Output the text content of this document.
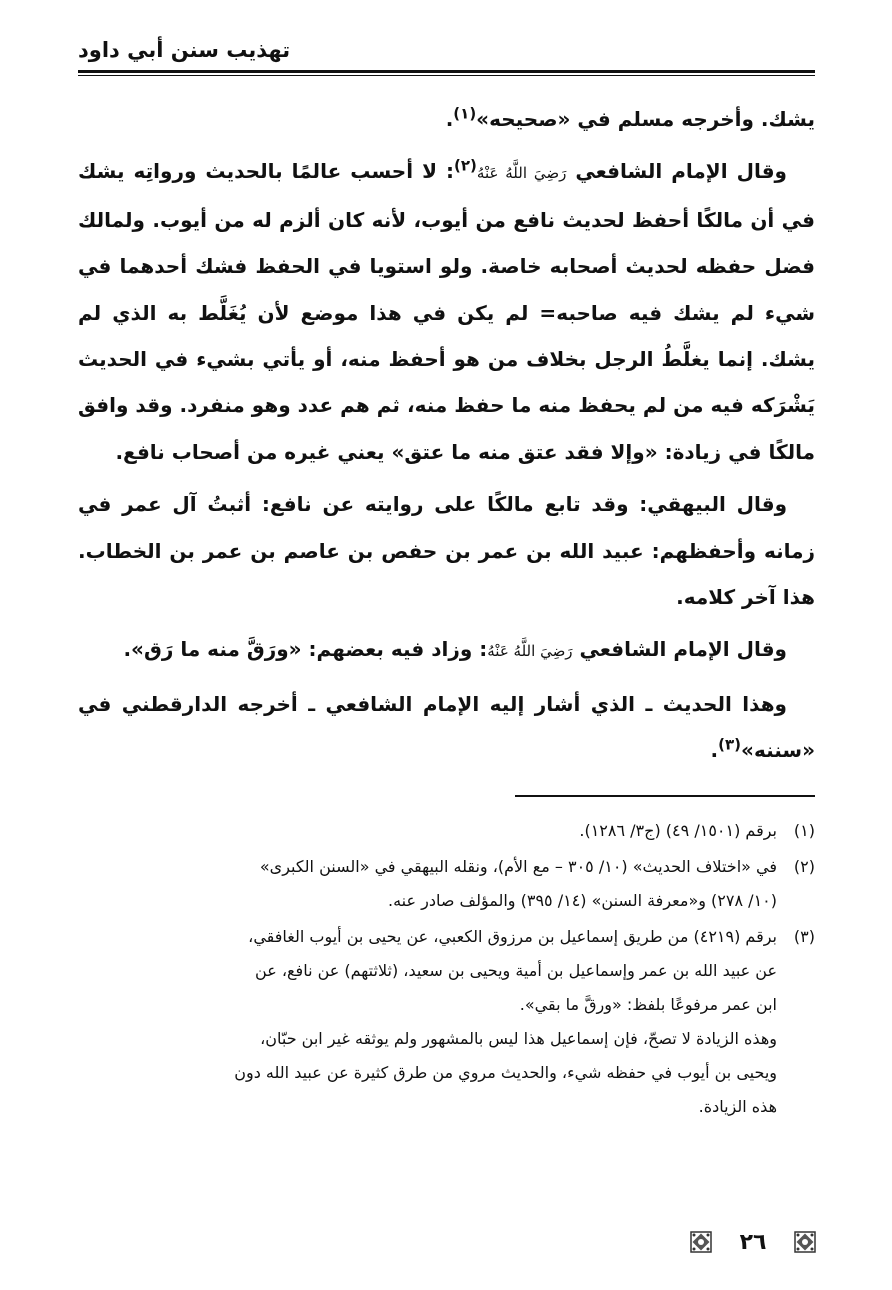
تهذيب سنن أبي داود

يشك. وأخرجه مسلم في «صحيحه»$^{(١)}$.

وقال الإمام الشافعي رَضِيَ اللَّهُ عَنْهُ$^{(٢)}$: لا أحسب عالمًا بالحديث ورواتِه يشك في أن مالكًا أحفظ لحديث نافع من أيوب، لأنه كان ألزم له من أيوب. ولمالك فضل حفظه لحديث أصحابه خاصة. ولو استويا في الحفظ فشك أحدهما في شيء لم يشك فيه صاحبه= لم يكن في هذا موضع لأن يُغَلَّط به الذي لم يشك. إنما يغلَّطُ الرجل بخلاف من هو أحفظ منه، أو يأتي بشيء في الحديث يَشْرَكه فيه من لم يحفظ منه ما حفظ منه، ثم هم عدد وهو منفرد. وقد وافق مالكًا في زيادة: «وإلا فقد عتق منه ما عتق» يعني غيره من أصحاب نافع.

وقال البيهقي: وقد تابع مالكًا على روايته عن نافع: أثبتُ آل عمر في زمانه وأحفظهم: عبيد الله بن عمر بن حفص بن عاصم بن عمر بن الخطاب. هذا آخر كلامه.

وقال الإمام الشافعي رَضِيَ اللَّهُ عَنْهُ: وزاد فيه بعضهم: «ورَقَّ منه ما رَق».

وهذا الحديث ـ الذي أشار إليه الإمام الشافعي ـ أخرجه الدارقطني في «سننه»$^{(٣)}$.

(١)
برقم (١٥٠١/ ٤٩) (ج٣/ ١٢٨٦).
(٢)
في «اختلاف الحديث» (١٠/ ٣٠٥ – مع الأم)، ونقله البيهقي في «السنن الكبرى»
(١٠/ ٢٧٨) و«معرفة السنن» (١٤/ ٣٩٥) والمؤلف صادر عنه.
(٣)
برقم (٤٢١٩) من طريق إسماعيل بن مرزوق الكعبي، عن يحيى بن أيوب الغافقي،
عن عبيد الله بن عمر وإسماعيل بن أمية ويحيى بن سعيد، (ثلاثتهم) عن نافع، عن
ابن عمر مرفوعًا بلفظ: «ورقَّ ما بقي».
وهذه الزيادة لا تصحّ، فإن إسماعيل هذا ليس بالمشهور ولم يوثقه غير ابن حبّان،
ويحيى بن أيوب في حفظه شيء، والحديث مروي من طرق كثيرة عن عبيد الله دون
هذه الزيادة.
٢٦
